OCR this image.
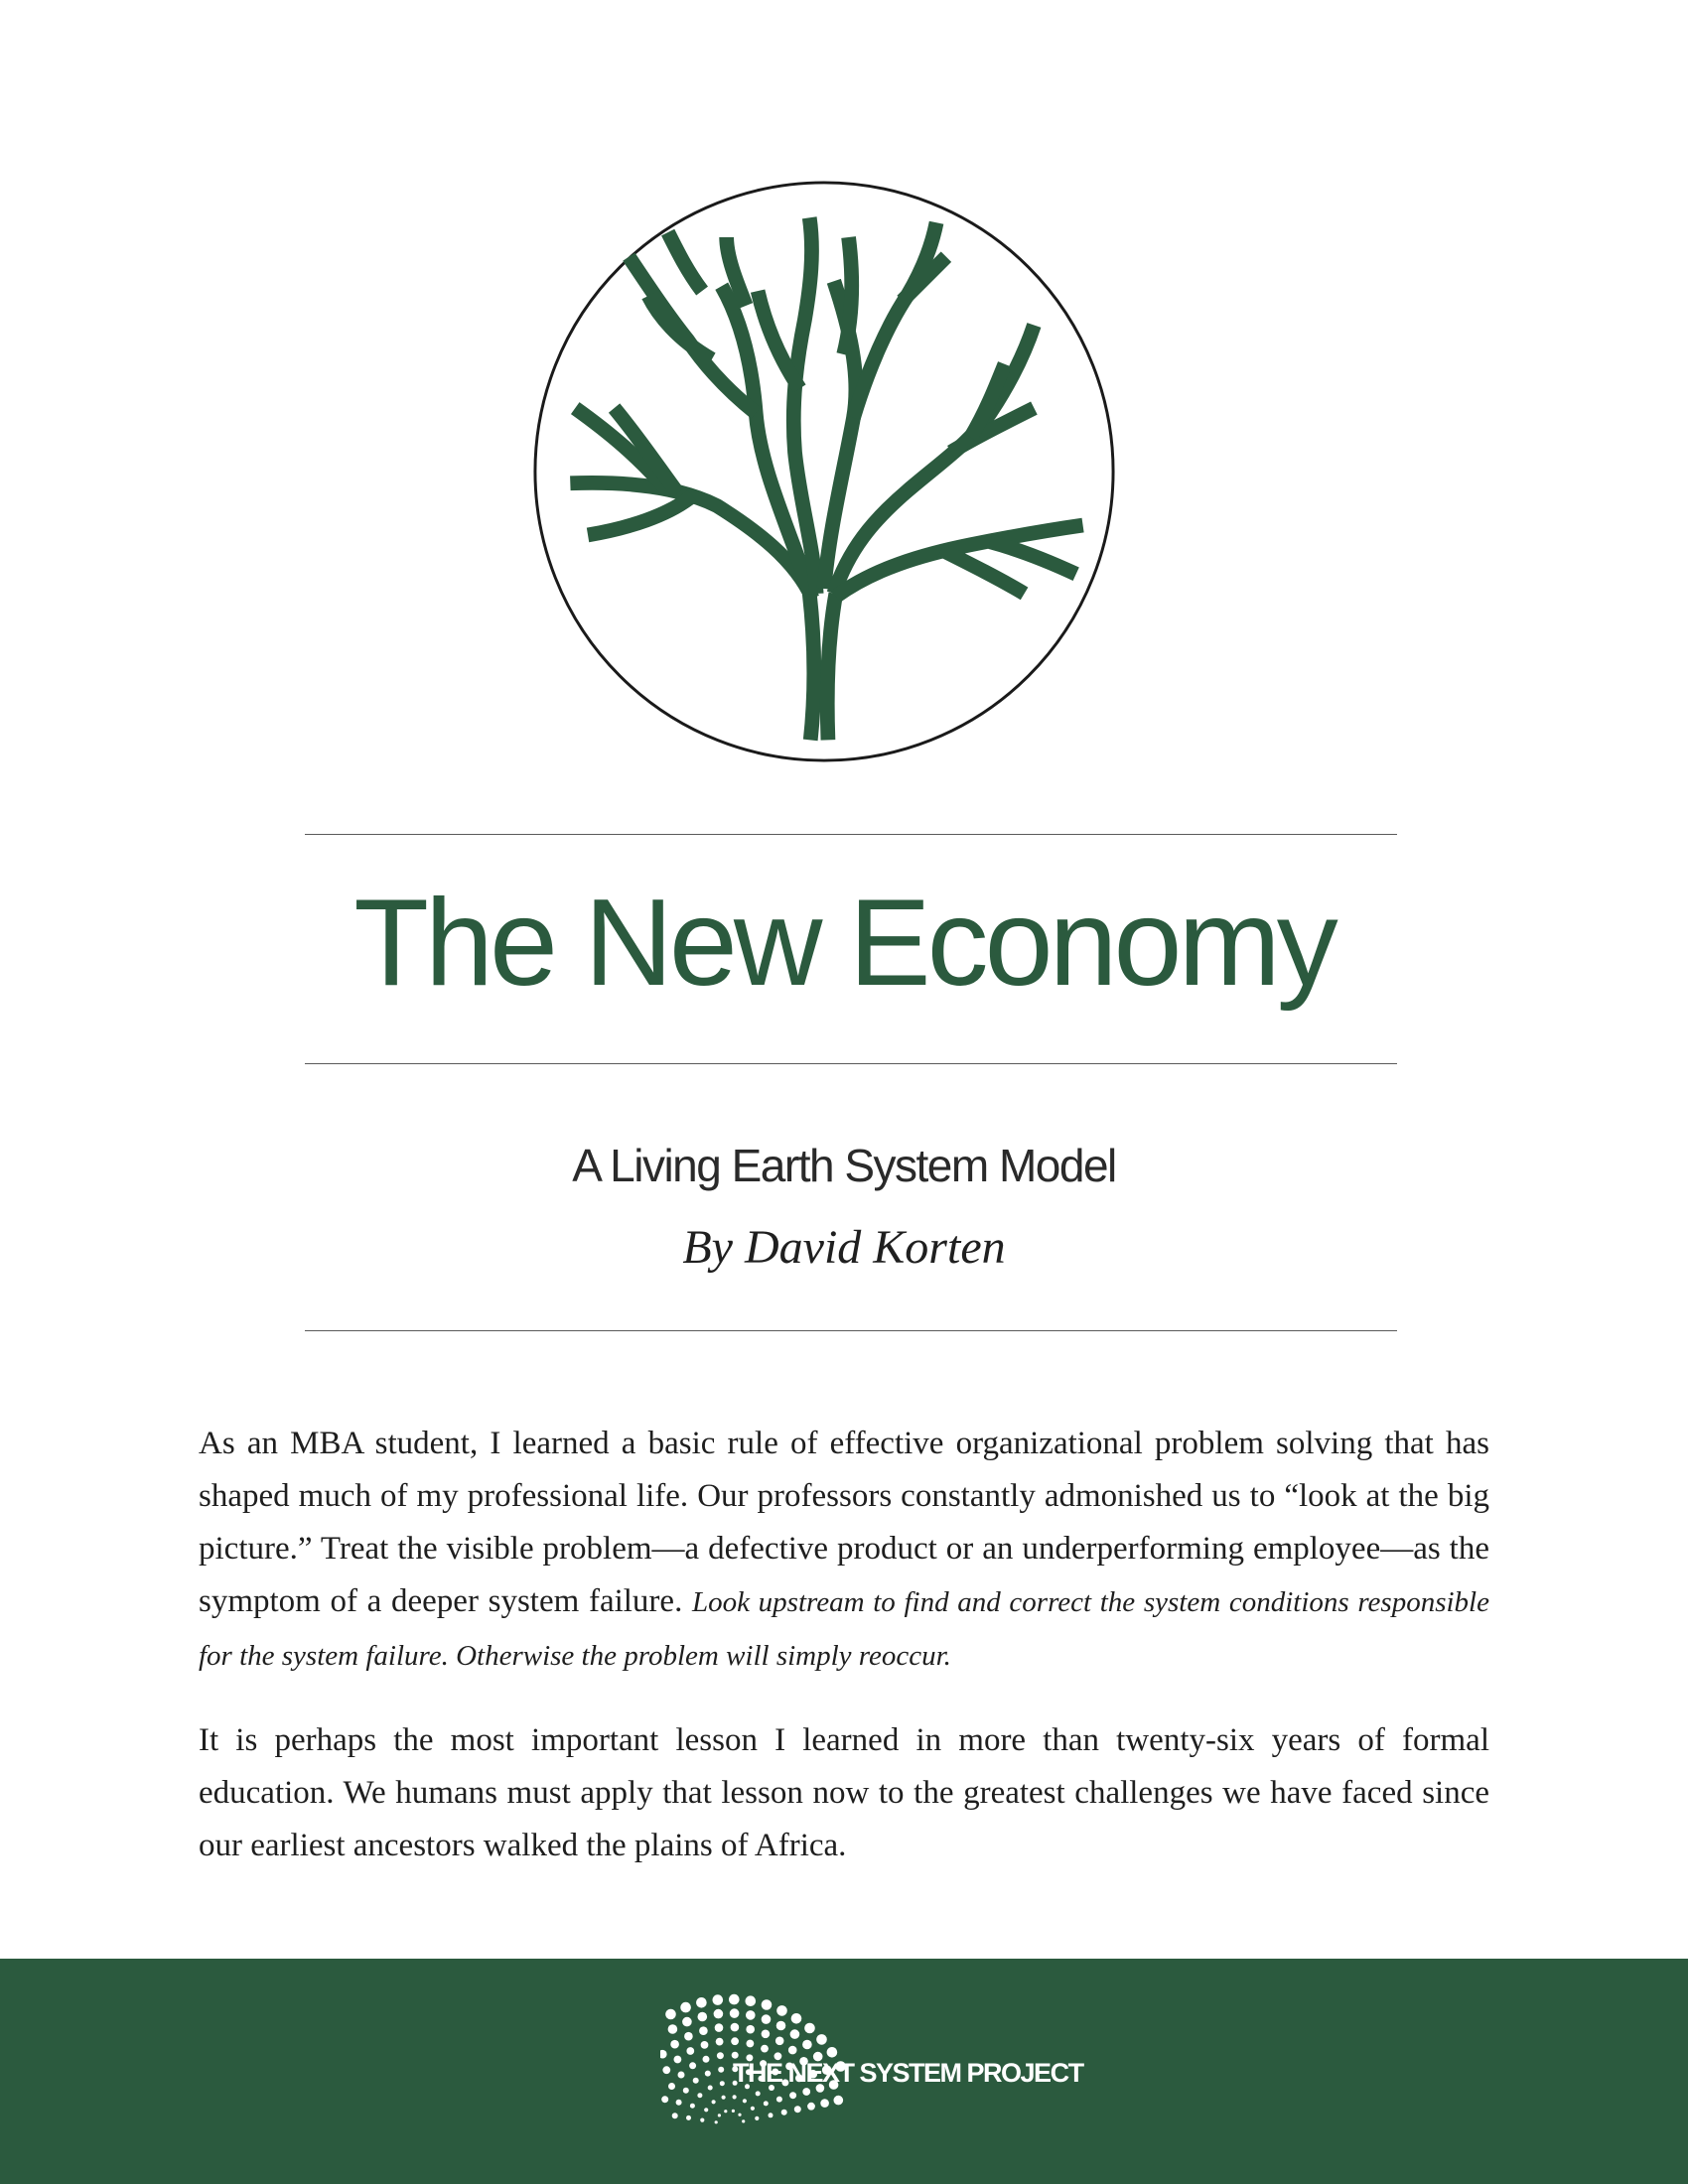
The New Economy
A Living Earth System Model
By David Korten

As an MBA student, I learned a basic rule of effective organizational problem solving that has shaped much of my professional life. Our professors constantly admonished us to “look at the big picture.” Treat the visible problem—a defective product or an underperforming employee—as the symptom of a deeper system failure. Look upstream to find and correct the system conditions responsible for the system failure. Otherwise the problem will simply reoccur.

It is perhaps the most important lesson I learned in more than twenty-six years of formal education. We humans must apply that lesson now to the greatest challenges we have faced since our earliest ancestors walked the plains of Africa.

THE NEXT SYSTEM PROJECT
